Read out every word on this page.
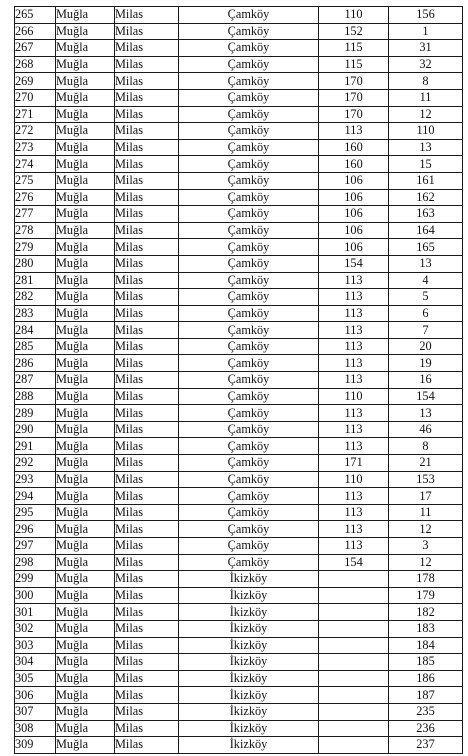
265	Muğla	Milas	Çamköy	110	156
266	Muğla	Milas	Çamköy	152	1
267	Muğla	Milas	Çamköy	115	31
268	Muğla	Milas	Çamköy	115	32
269	Muğla	Milas	Çamköy	170	8
270	Muğla	Milas	Çamköy	170	11
271	Muğla	Milas	Çamköy	170	12
272	Muğla	Milas	Çamköy	113	110
273	Muğla	Milas	Çamköy	160	13
274	Muğla	Milas	Çamköy	160	15
275	Muğla	Milas	Çamköy	106	161
276	Muğla	Milas	Çamköy	106	162
277	Muğla	Milas	Çamköy	106	163
278	Muğla	Milas	Çamköy	106	164
279	Muğla	Milas	Çamköy	106	165
280	Muğla	Milas	Çamköy	154	13
281	Muğla	Milas	Çamköy	113	4
282	Muğla	Milas	Çamköy	113	5
283	Muğla	Milas	Çamköy	113	6
284	Muğla	Milas	Çamköy	113	7
285	Muğla	Milas	Çamköy	113	20
286	Muğla	Milas	Çamköy	113	19
287	Muğla	Milas	Çamköy	113	16
288	Muğla	Milas	Çamköy	110	154
289	Muğla	Milas	Çamköy	113	13
290	Muğla	Milas	Çamköy	113	46
291	Muğla	Milas	Çamköy	113	8
292	Muğla	Milas	Çamköy	171	21
293	Muğla	Milas	Çamköy	110	153
294	Muğla	Milas	Çamköy	113	17
295	Muğla	Milas	Çamköy	113	11
296	Muğla	Milas	Çamköy	113	12
297	Muğla	Milas	Çamköy	113	3
298	Muğla	Milas	Çamköy	154	12
299	Muğla	Milas	İkizköy		178
300	Muğla	Milas	İkizköy		179
301	Muğla	Milas	İkizköy		182
302	Muğla	Milas	İkizköy		183
303	Muğla	Milas	İkizköy		184
304	Muğla	Milas	İkizköy		185
305	Muğla	Milas	İkizköy		186
306	Muğla	Milas	İkizköy		187
307	Muğla	Milas	İkizköy		235
308	Muğla	Milas	İkizköy		236
309	Muğla	Milas	İkizköy		237
